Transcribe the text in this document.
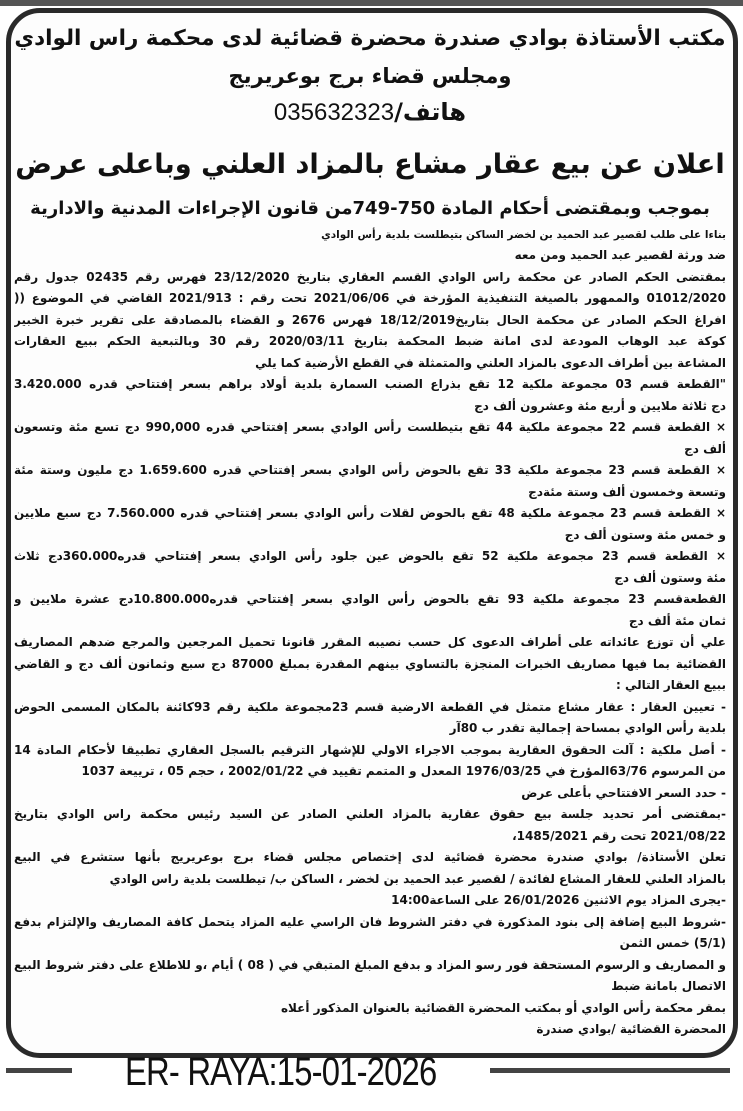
مكتب الأستاذة بوادي صندرة محضرة قضائية لدى محكمة راس الوادي
ومجلس قضاء برج بوعريريج
هاتف/035632323
اعلان عن بيع عقار مشاع بالمزاد العلني وباعلى عرض
بموجب وبمقتضى أحكام المادة 750-749من قانون الإجراءات المدنية والادارية
بناءا على طلب لقصير عبد الحميد بن لخضر الساكن بتيطلست بلدية رأس الوادي
ضد ورثة لقصير عبد الحميد ومن معه
بمقتضى الحكم الصادر عن محكمة راس الوادي القسم العقاري بتاريخ 23/12/2020 فهرس رقم 02435 جدول رقم
01012/2020 والممهور بالصيغة التنفيذية المؤرخة في 2021/06/06 تحت رقم : 2021/913 القاضي في الموضوع ((
افراغ الحكم الصادر عن محكمة الحال بتاريخ18/12/2019 فهرس 2676 و القضاء بالمصادقة على تقرير خبرة الخبير
كوكة عبد الوهاب المودعة لدى امانة ضبط المحكمة بتاريخ 2020/03/11 رقم 30 وبالتبعية الحكم ببيع العقارات
المشاعة بين أطراف الدعوى بالمزاد العلني والمتمثلة في القطع الأرضية كما يلي
"القطعة قسم 03 مجموعة ملكية 12 تقع بذراع الصنب السمارة بلدية أولاد براهم بسعر إفتتاحي قدره 3.420.000
دج ثلاثة ملايين و أربع مئة وعشرون ألف دج
× القطعة قسم 22 مجموعة ملكية 44 تقع بتيطلست رأس الوادي بسعر إفتتاحي قدره 990,000 دج تسع مئة وتسعون
ألف دج
× القطعة قسم 23 مجموعة ملكية 33 تقع بالحوض رأس الوادي بسعر إفتتاحي قدره 1.659.600 دج مليون وستة مئة
وتسعة وخمسون ألف وستة مئةدج
× القطعة قسم 23 مجموعة ملكية 48 تقع بالحوض لقلات رأس الوادي بسعر إفتتاحي قدره 7.560.000 دج سبع ملايين
و خمس مئة وستون ألف دج
× القطعة قسم 23 مجموعة ملكية 52 تقع بالحوض عين جلود رأس الوادي بسعر إفتتاحي قدره360.000دج ثلاث
مئة وستون ألف دج
القطعةقسم 23 مجموعة ملكية 93 تقع بالحوض رأس الوادي بسعر إفتتاحي قدره10.800.000دج عشرة ملايين و
ثمان مئة ألف دج
علي أن توزع عائداته على أطراف الدعوى كل حسب نصيبه المقرر قانونا تحميل المرجعين والمرجع ضدهم المصاريف
القضائية بما فيها مصاريف الخبرات المنجزة بالتساوي بينهم المقدرة بمبلغ 87000 دج سبع وثمانون ألف دج و القاضي
ببيع العقار التالي :
- تعيين العقار : عقار مشاع متمثل في القطعة الارضية قسم 23مجموعة ملكية رقم 93كائنة بالمكان المسمى الحوض
بلدية رأس الوادي بمساحة إجمالية تقدر ب 80آر
- أصل ملكية : آلت الحقوق العقارية بموجب الاجراء الاولي للإشهار الترقيم بالسجل العقاري تطبيقا لأحكام المادة 14
من المرسوم 63/76المؤرخ في 1976/03/25 المعدل و المتمم تقييد في 2002/01/22 ، حجم 05 ، ترييعة 1037
- حدد السعر الافتتاحي بأعلى عرض
-بمقتضى أمر تحديد جلسة بيع حقوق عقارية بالمزاد العلني الصادر عن السيد رئيس محكمة راس الوادي بتاريخ
2021/08/22 تحت رقم 1485/2021،
تعلن الأستاذة/ بوادي صندرة محضرة قضائية لدى إختصاص مجلس قضاء برج بوعريريج بأنها ستشرع في البيع
بالمزاد العلني للعقار المشاع لفائدة / لقصير عبد الحميد بن لخضر ، الساكن ب/ تيطلست بلدية راس الوادي
-يجرى المزاد يوم الاثنين 26/01/2026 على الساعة14:00
-شروط البيع إضافة إلى بنود المذكورة في دفتر الشروط فان الراسي عليه المزاد يتحمل كافة المصاريف والإلتزام بدفع
(5/1) خمس الثمن
و المصاريف و الرسوم المستحقة فور رسو المزاد و بدفع المبلغ المتبقي في ( 08 ) أيام ،و للاطلاع على دفتر شروط البيع
الاتصال بامانة ضبط
بمقر محكمة رأس الوادي أو بمكتب المحضرة القضائية بالعنوان المذكور أعلاه
المحضرة القضائية /بوادي صندرة
ER- RAYA:15-01-2026
